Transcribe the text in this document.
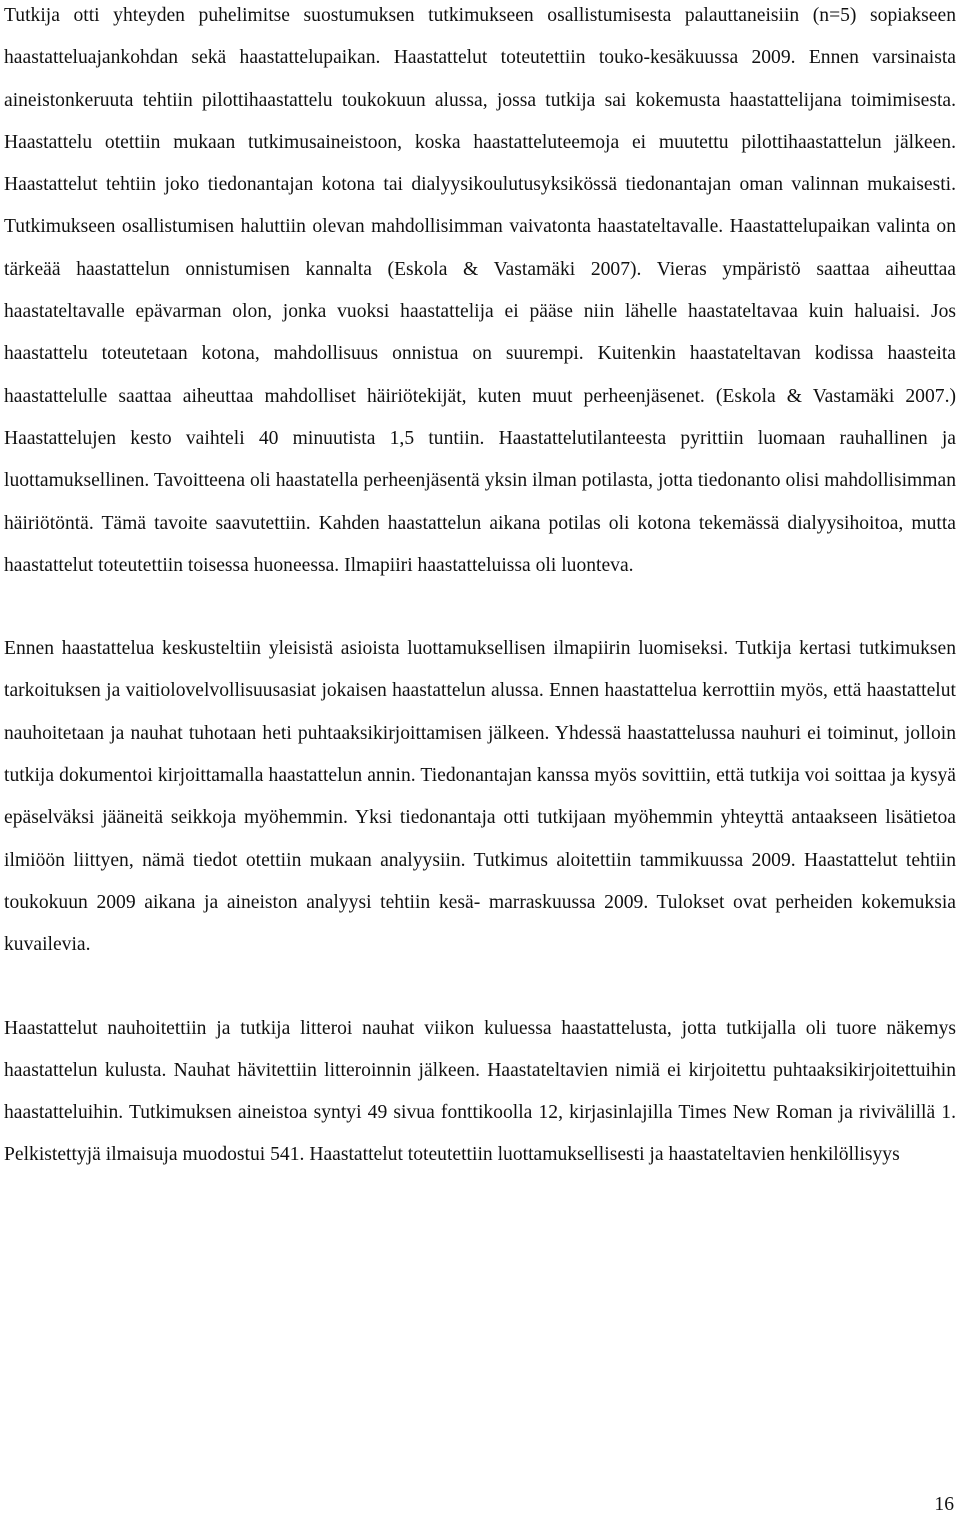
Tutkija otti yhteyden puhelimitse suostumuksen tutkimukseen osallistumisesta palauttaneisiin (n=5) sopiakseen haastatteluajankohdan sekä haastattelupaikan. Haastattelut toteutettiin touko-kesäkuussa 2009. Ennen varsinaista aineistonkeruuta tehtiin pilottihaastattelu toukokuun alussa, jossa tutkija sai kokemusta haastattelijana toimimisesta. Haastattelu otettiin mukaan tutkimusaineistoon, koska haastatteluteemoja ei muutettu pilottihaastattelun jälkeen. Haastattelut tehtiin joko tiedonantajan kotona tai dialyysikoulutusyksikössä tiedonantajan oman valinnan mukaisesti. Tutkimukseen osallistumisen haluttiin olevan mahdollisimman vaivatonta haastateltavalle. Haastattelupaikan valinta on tärkeää haastattelun onnistumisen kannalta (Eskola & Vastamäki 2007). Vieras ympäristö saattaa aiheuttaa haastateltavalle epävarman olon, jonka vuoksi haastattelija ei pääse niin lähelle haastateltavaa kuin haluaisi. Jos haastattelu toteutetaan kotona, mahdollisuus onnistua on suurempi. Kuitenkin haastateltavan kodissa haasteita haastattelulle saattaa aiheuttaa mahdolliset häiriötekijät, kuten muut perheenjäsenet. (Eskola & Vastamäki 2007.) Haastattelujen kesto vaihteli 40 minuutista 1,5 tuntiin. Haastattelutilanteesta pyrittiin luomaan rauhallinen ja luottamuksellinen. Tavoitteena oli haastatella perheenjäsentä yksin ilman potilasta, jotta tiedonanto olisi mahdollisimman häiriötöntä. Tämä tavoite saavutettiin. Kahden haastattelun aikana potilas oli kotona tekemässä dialyysihoitoa, mutta haastattelut toteutettiin toisessa huoneessa. Ilmapiiri haastatteluissa oli luonteva.

Ennen haastattelua keskusteltiin yleisistä asioista luottamuksellisen ilmapiirin luomiseksi. Tutkija kertasi tutkimuksen tarkoituksen ja vaitiolovelvollisuusasiat jokaisen haastattelun alussa. Ennen haastattelua kerrottiin myös, että haastattelut nauhoitetaan ja nauhat tuhotaan heti puhtaaksikirjoittamisen jälkeen. Yhdessä haastattelussa nauhuri ei toiminut, jolloin tutkija dokumentoi kirjoittamalla haastattelun annin. Tiedonantajan kanssa myös sovittiin, että tutkija voi soittaa ja kysyä epäselväksi jääneitä seikkoja myöhemmin. Yksi tiedonantaja otti tutkijaan myöhemmin yhteyttä antaakseen lisätietoa ilmiöön liittyen, nämä tiedot otettiin mukaan analyysiin. Tutkimus aloitettiin tammikuussa 2009. Haastattelut tehtiin toukokuun 2009 aikana ja aineiston analyysi tehtiin kesä- marraskuussa 2009. Tulokset ovat perheiden kokemuksia kuvailevia.

Haastattelut nauhoitettiin ja tutkija litteroi nauhat viikon kuluessa haastattelusta, jotta tutkijalla oli tuore näkemys haastattelun kulusta. Nauhat hävitettiin litteroinnin jälkeen. Haastateltavien nimiä ei kirjoitettu puhtaaksikirjoitettuihin haastatteluihin. Tutkimuksen aineistoa syntyi 49 sivua fonttikoolla 12, kirjasinlajilla Times New Roman ja rivivälillä 1. Pelkistettyjä ilmaisuja muodostui 541. Haastattelut toteutettiin luottamuksellisesti ja haastateltavien henkilöllisyys

16
